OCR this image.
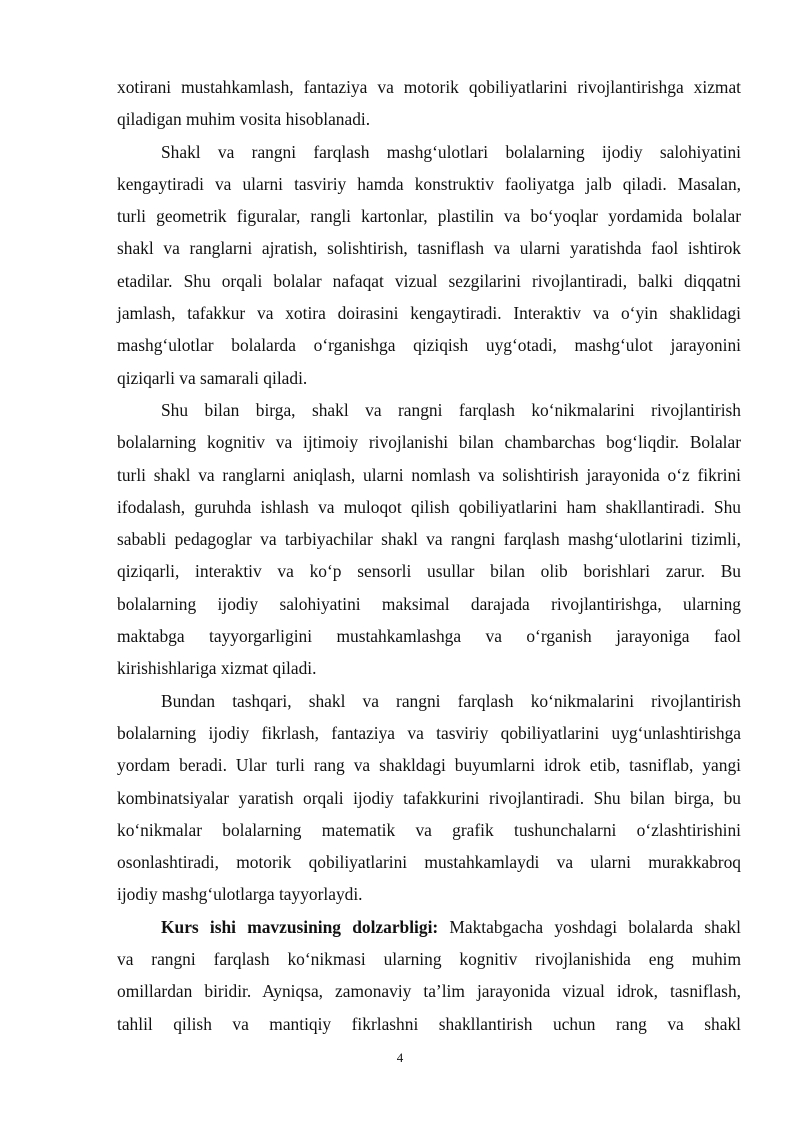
xotirani mustahkamlash, fantaziya va motorik qobiliyatlarini rivojlantirishga xizmat
qiladigan muhim vosita hisoblanadi.
Shakl va rangni farqlash mashg‘ulotlari bolalarning ijodiy salohiyatini
kengaytiradi va ularni tasviriy hamda konstruktiv faoliyatga jalb qiladi. Masalan,
turli geometrik figuralar, rangli kartonlar, plastilin va bo‘yoqlar yordamida bolalar
shakl va ranglarni ajratish, solishtirish, tasniflash va ularni yaratishda faol ishtirok
etadilar. Shu orqali bolalar nafaqat vizual sezgilarini rivojlantiradi, balki diqqatni
jamlash, tafakkur va xotira doirasini kengaytiradi. Interaktiv va o‘yin shaklidagi
mashg‘ulotlar bolalarda o‘rganishga qiziqish uyg‘otadi, mashg‘ulot jarayonini
qiziqarli va samarali qiladi.
Shu bilan birga, shakl va rangni farqlash ko‘nikmalarini rivojlantirish
bolalarning kognitiv va ijtimoiy rivojlanishi bilan chambarchas bog‘liqdir. Bolalar
turli shakl va ranglarni aniqlash, ularni nomlash va solishtirish jarayonida o‘z fikrini
ifodalash, guruhda ishlash va muloqot qilish qobiliyatlarini ham shakllantiradi. Shu
sababli pedagoglar va tarbiyachilar shakl va rangni farqlash mashg‘ulotlarini tizimli,
qiziqarli, interaktiv va ko‘p sensorli usullar bilan olib borishlari zarur. Bu
bolalarning ijodiy salohiyatini maksimal darajada rivojlantirishga, ularning
maktabga tayyorgarligini mustahkamlashga va o‘rganish jarayoniga faol
kirishishlariga xizmat qiladi.
Bundan tashqari, shakl va rangni farqlash ko‘nikmalarini rivojlantirish
bolalarning ijodiy fikrlash, fantaziya va tasviriy qobiliyatlarini uyg‘unlashtirishga
yordam beradi. Ular turli rang va shakldagi buyumlarni idrok etib, tasniflab, yangi
kombinatsiyalar yaratish orqali ijodiy tafakkurini rivojlantiradi. Shu bilan birga, bu
ko‘nikmalar bolalarning matematik va grafik tushunchalarni o‘zlashtirishini
osonlashtiradi, motorik qobiliyatlarini mustahkamlaydi va ularni murakkabroq
ijodiy mashg‘ulotlarga tayyorlaydi.
Kurs ishi mavzusining dolzarbligi: Maktabgacha yoshdagi bolalarda shakl
va rangni farqlash ko‘nikmasi ularning kognitiv rivojlanishida eng muhim
omillardan biridir. Ayniqsa, zamonaviy ta’lim jarayonida vizual idrok, tasniflash,
tahlil qilish va mantiqiy fikrlashni shakllantirish uchun rang va shakl
4
